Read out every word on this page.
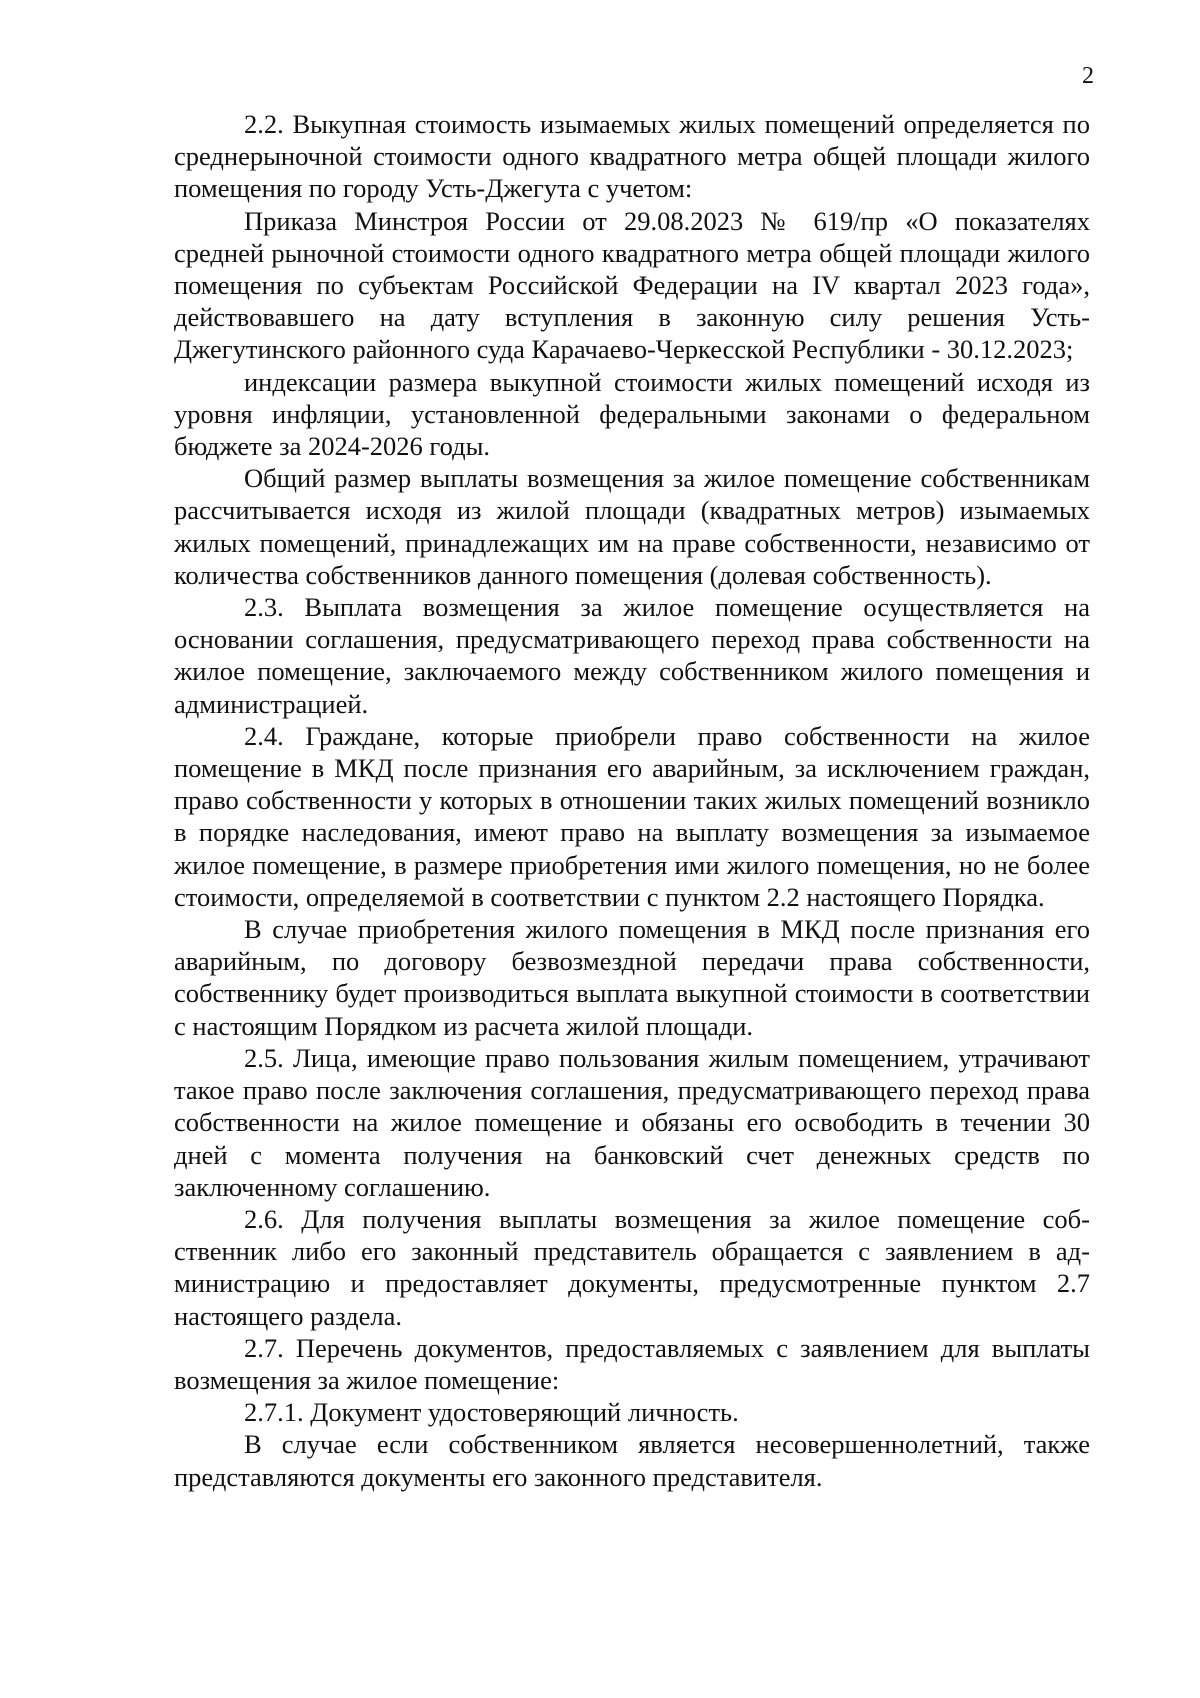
2

2.2. Выкупная стоимость изымаемых жилых помещений определяется по среднерыночной стоимости одного квадратного метра общей площади жилого помещения по городу Усть-Джегута с учетом:

Приказа Минстроя России от 29.08.2023 № 619/пр «О показателях средней рыночной стоимости одного квадратного метра общей площади жилого помещения по субъектам Российской Федерации на IV квартал 2023 года», действовавшего на дату вступления в законную силу решения Усть-Джегутинского районного суда Карачаево-Черкесской Республики - 30.12.2023;

индексации размера выкупной стоимости жилых помещений исходя из уровня инфляции, установленной федеральными законами о федеральном бюджете за 2024-2026 годы.

Общий размер выплаты возмещения за жилое помещение собственникам рассчитывается исходя из жилой площади (квадратных метров) изымаемых жилых помещений, принадлежащих им на праве собственности, независимо от количества собственников данного помещения (долевая собственность).

2.3. Выплата возмещения за жилое помещение осуществляется на основании соглашения, предусматривающего переход права собственности на жилое помещение, заключаемого между собственником жилого помещения и администрацией.

2.4. Граждане, которые приобрели право собственности на жилое помещение в МКД после признания его аварийным, за исключением граждан, право собственности у которых в отношении таких жилых помещений возникло в порядке наследования, имеют право на выплату возмещения за изымаемое жилое помещение, в размере приобретения ими жилого помещения, но не более стоимости, определяемой в соответствии с пунктом 2.2 настоящего Порядка.

В случае приобретения жилого помещения в МКД после признания его аварийным, по договору безвозмездной передачи права собственности, собственнику будет производиться выплата выкупной стоимости в соответствии с настоящим Порядком из расчета жилой площади.

2.5. Лица, имеющие право пользования жилым помещением, утрачивают такое право после заключения соглашения, предусматривающего переход права собственности на жилое помещение и обязаны его освободить в течении 30 дней с момента получения на банковский счет денежных средств по заключенному соглашению.

2.6. Для получения выплаты возмещения за жилое помещение собственник либо его законный представитель обращается с заявлением в администрацию и предоставляет документы, предусмотренные пунктом 2.7 настоящего раздела.

2.7. Перечень документов, предоставляемых с заявлением для выплаты возмещения за жилое помещение:

2.7.1. Документ удостоверяющий личность.

В случае если собственником является несовершеннолетний, также представляются документы его законного представителя.
